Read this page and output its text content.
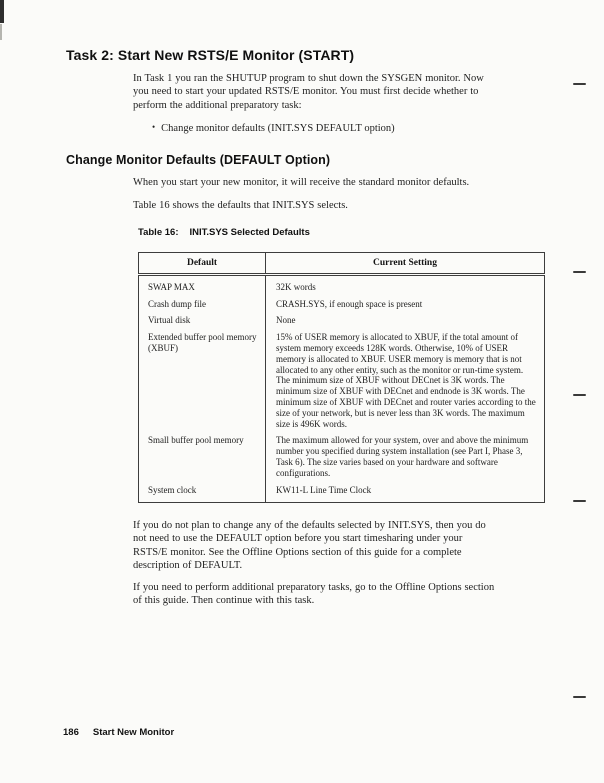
Task 2: Start New RSTS/E Monitor (START)
In Task 1 you ran the SHUTUP program to shut down the SYSGEN monitor. Now
you need to start your updated RSTS/E monitor. You must first decide whether to
perform the additional preparatory task:
• Change monitor defaults (INIT.SYS DEFAULT option)
Change Monitor Defaults (DEFAULT Option)
When you start your new monitor, it will receive the standard monitor defaults.
Table 16 shows the defaults that INIT.SYS selects.
Table 16: INIT.SYS Selected Defaults
Default	Current Setting
SWAP MAX	32K words
Crash dump file	CRASH.SYS, if enough space is present
Virtual disk	None
Extended buffer pool memory (XBUF)	15% of USER memory is allocated to XBUF, if the total amount of system memory exceeds 128K words. Otherwise, 10% of USER memory is allocated to XBUF. USER memory is memory that is not allocated to any other entity, such as the monitor or run-time system. The minimum size of XBUF without DECnet is 3K words. The minimum size of XBUF with DECnet and endnode is 3K words. The minimum size of XBUF with DECnet and router varies according to the size of your network, but is never less than 3K words. The maximum size is 496K words.
Small buffer pool memory	The maximum allowed for your system, over and above the minimum number you specified during system installation (see Part I, Phase 3, Task 6). The size varies based on your hardware and software configurations.
System clock	KW11-L Line Time Clock
If you do not plan to change any of the defaults selected by INIT.SYS, then you do
not need to use the DEFAULT option before you start timesharing under your
RSTS/E monitor. See the Offline Options section of this guide for a complete
description of DEFAULT.
If you need to perform additional preparatory tasks, go to the Offline Options section
of this guide. Then continue with this task.
186 Start New Monitor
